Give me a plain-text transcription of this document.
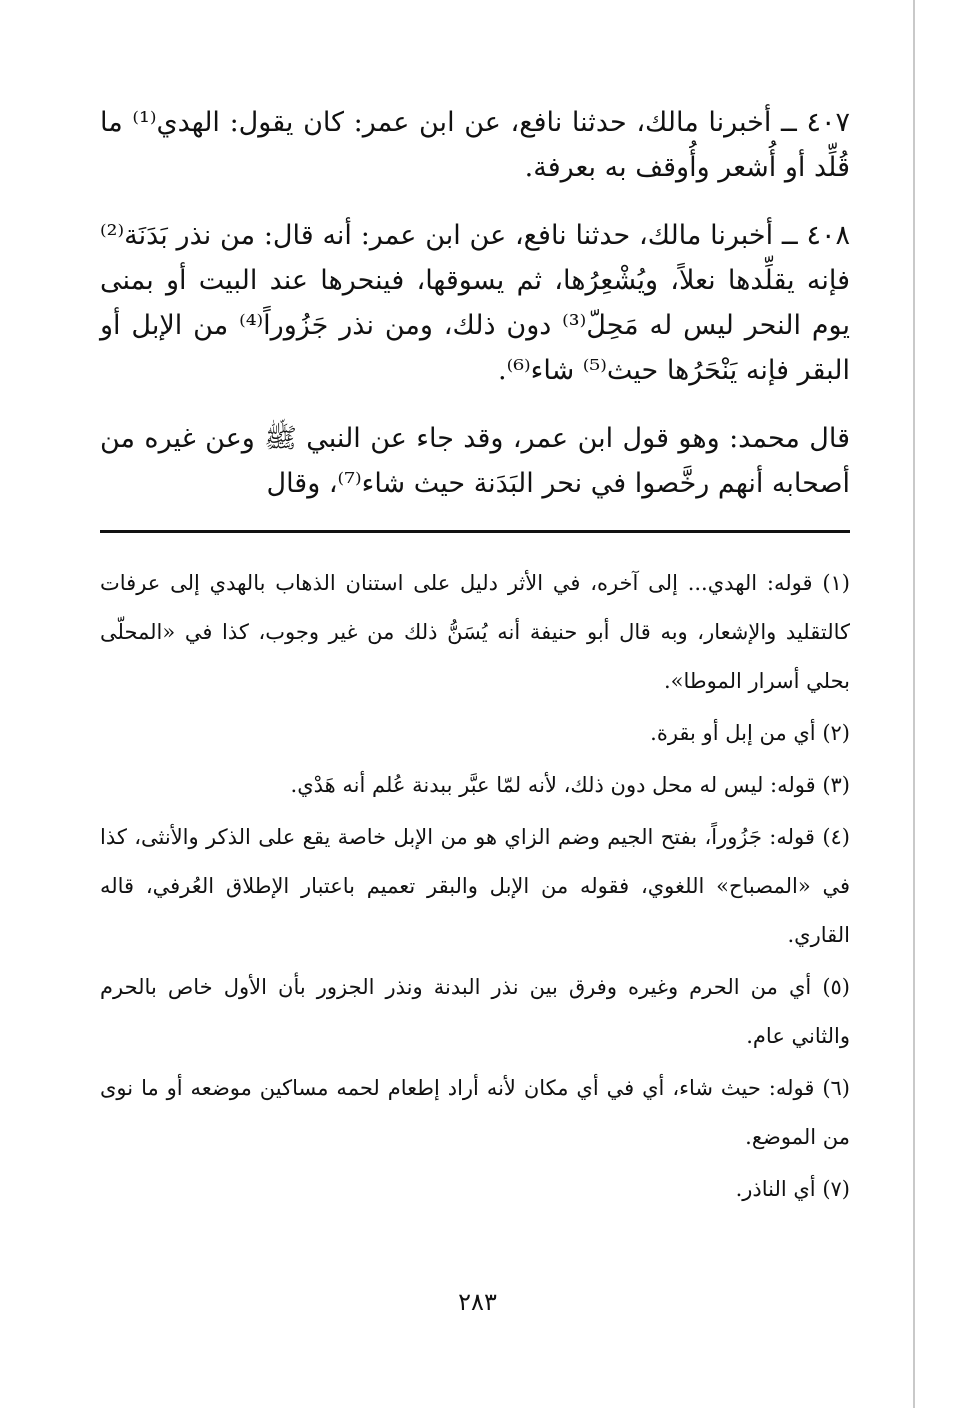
٤٠٧ ــ أخبرنا مالك، حدثنا نافع، عن ابن عمر: كان يقول: الهدي⁽¹⁾ ما قُلِّد أو أُشعر وأُوقف به بعرفة.

٤٠٨ ــ أخبرنا مالك، حدثنا نافع، عن ابن عمر: أنه قال: من نذر بَدَنَة⁽²⁾ فإنه يقلِّدها نعلاً، ويُشْعِرُها، ثم يسوقها، فينحرها عند البيت أو بمنى يوم النحر ليس له مَحِلّ⁽³⁾ دون ذلك، ومن نذر جَزُوراً⁽⁴⁾ من الإبل أو البقر فإنه يَنْحَرُها حيث⁽⁵⁾ شاء⁽⁶⁾.

قال محمد: وهو قول ابن عمر، وقد جاء عن النبي ﷺ وعن غيره من أصحابه أنهم رخَّصوا في نحر البَدَنة حيث شاء⁽⁷⁾، وقال

(١) قوله: الهدي... إلى آخره، في الأثر دليل على استنان الذهاب بالهدي إلى عرفات كالتقليد والإشعار، وبه قال أبو حنيفة أنه يُسَنُّ ذلك من غير وجوب، كذا في «المحلّى بحلي أسرار الموطا».

(٢) أي من إبل أو بقرة.

(٣) قوله: ليس له محل دون ذلك، لأنه لمّا عبَّر ببدنة عُلم أنه هَدْي.

(٤) قوله: جَزُوراً، بفتح الجيم وضم الزاي هو من الإبل خاصة يقع على الذكر والأنثى، كذا في «المصباح» اللغوي، فقوله من الإبل والبقر تعميم باعتبار الإطلاق العُرفي، قاله القاري.

(٥) أي من الحرم وغيره وفرق بين نذر البدنة ونذر الجزور بأن الأول خاص بالحرم والثاني عام.

(٦) قوله: حيث شاء، أي في أي مكان لأنه أراد إطعام لحمه مساكين موضعه أو ما نوى من الموضع.

(٧) أي الناذر.

٢٨٣
